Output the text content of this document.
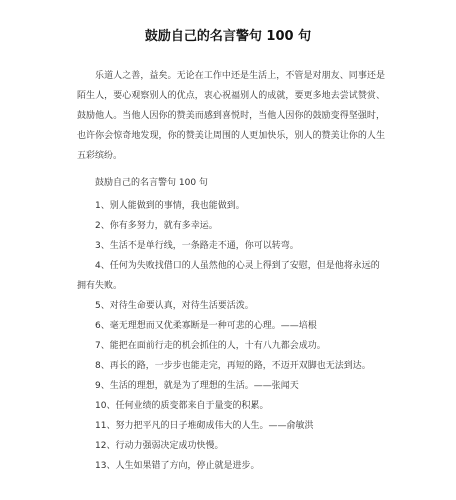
鼓励自己的名言警句 100 句

乐道人之善，益矣。无论在工作中还是生活上，不管是对朋友、同事还是陌生人，要心观察别人的优点，衷心祝福别人的成就，要更多地去尝试赞赏、鼓励他人。当他人因你的赞美而感到喜悦时，当他人因你的鼓励变得坚强时，也许你会惊奇地发现，你的赞美让周围的人更加快乐，别人的赞美让你的人生五彩缤纷。

鼓励自己的名言警句 100 句

1、别人能做到的事情，我也能做到。

2、你有多努力，就有多幸运。

3、生活不是单行线，一条路走不通，你可以转弯。

4、任何为失败找借口的人虽然他的心灵上得到了安慰，但是他将永远的拥有失败。

5、对待生命要认真，对待生活要活泼。

6、毫无理想而又优柔寡断是一种可悲的心理。——培根

7、能把在面前行走的机会抓住的人，十有八九都会成功。

8、再长的路，一步步也能走完，再短的路，不迈开双脚也无法到达。

9、生活的理想，就是为了理想的生活。——张闻天

10、任何业绩的质变都来自于量变的积累。

11、努力把平凡的日子堆砌成伟大的人生。——俞敏洪

12、行动力强弱决定成功快慢。

13、人生如果错了方向，停止就是进步。
